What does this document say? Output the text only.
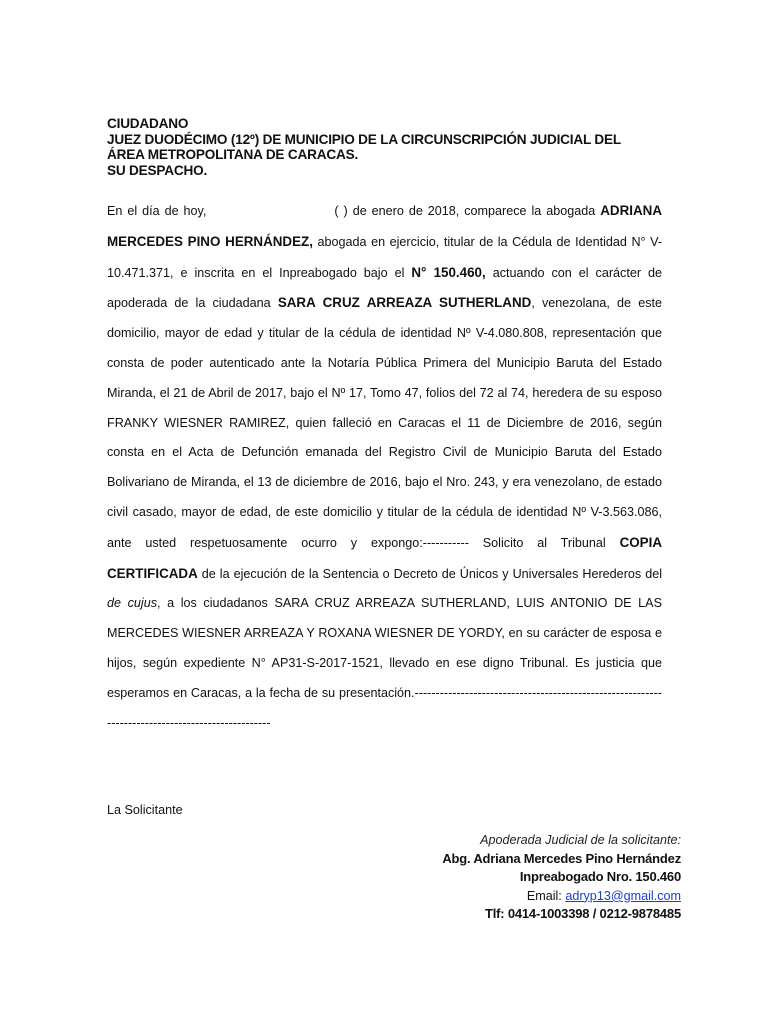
CIUDADANO
JUEZ DUODÉCIMO (12º) DE MUNICIPIO DE LA CIRCUNSCRIPCIÓN JUDICIAL DEL
ÁREA METROPOLITANA DE CARACAS.
SU DESPACHO.
En el día de hoy,	( ) de enero de 2018, comparece la abogada ADRIANA MERCEDES PINO HERNÁNDEZ, abogada en ejercicio, titular de la Cédula de Identidad N° V-10.471.371, e inscrita en el Inpreabogado bajo el N° 150.460, actuando con el carácter de apoderada de la ciudadana SARA CRUZ ARREAZA SUTHERLAND, venezolana, de este domicilio, mayor de edad y titular de la cédula de identidad Nº V-4.080.808, representación que consta de poder autenticado ante la Notaría Pública Primera del Municipio Baruta del Estado Miranda, el 21 de Abril de 2017, bajo el Nº 17, Tomo 47, folios del 72 al 74, heredera de su esposo FRANKY WIESNER RAMIREZ, quien falleció en Caracas el 11 de Diciembre de 2016, según consta en el Acta de Defunción emanada del Registro Civil de Municipio Baruta del Estado Bolivariano de Miranda, el 13 de diciembre de 2016, bajo el Nro. 243, y era venezolano, de estado civil casado, mayor de edad, de este domicilio y titular de la cédula de identidad Nº V-3.563.086, ante usted respetuosamente ocurro y expongo:----------- Solicito al Tribunal COPIA CERTIFICADA de la ejecución de la Sentencia o Decreto de Únicos y Universales Herederos del de cujus, a los ciudadanos SARA CRUZ ARREAZA SUTHERLAND, LUIS ANTONIO DE LAS MERCEDES WIESNER ARREAZA Y ROXANA WIESNER DE YORDY, en su carácter de esposa e hijos, según expediente N° AP31-S-2017-1521, llevado en ese digno Tribunal. Es justicia que esperamos en Caracas, a la fecha de su presentación.--------------------------------------------------------------------------------------------------
La Solicitante
Apoderada Judicial de la solicitante:
Abg. Adriana Mercedes Pino Hernández
Inpreabogado Nro. 150.460
Email: adryp13@gmail.com
Tlf: 0414-1003398 / 0212-9878485
